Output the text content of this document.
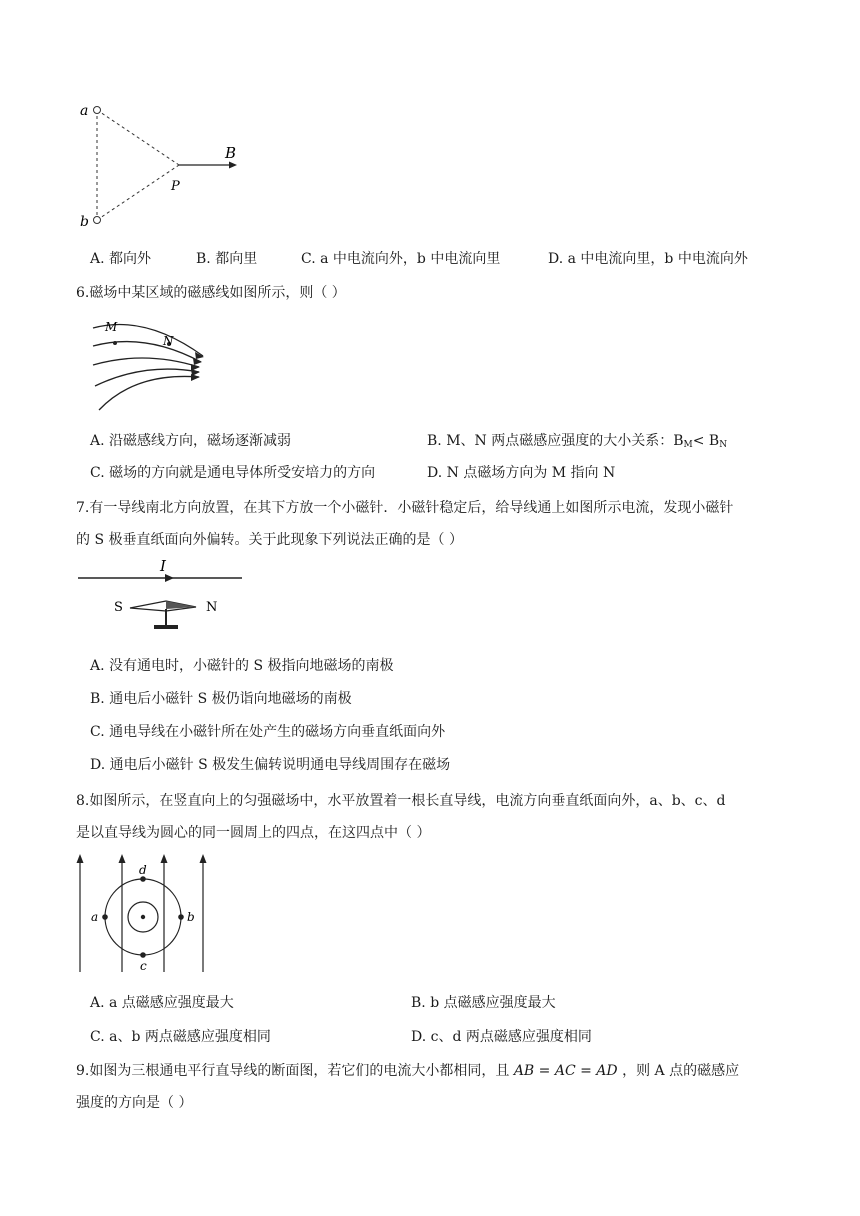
a
b
P
B
A. 都向外	B. 都向里	C. a 中电流向外，b 中电流向里	D. a 中电流向里，b 中电流向外
6.磁场中某区域的磁感线如图所示，则（ ）
M
N
A. 沿磁感线方向，磁场逐渐减弱	B. M、N 两点磁感应强度的大小关系：$B_M< B_N$
C. 磁场的方向就是通电导体所受安培力的方向	D. N 点磁场方向为 M 指向 N
7.有一导线南北方向放置，在其下方放一个小磁针．小磁针稳定后，给导线通上如图所示电流，发现小磁针
的 S 极垂直纸面向外偏转。关于此现象下列说法正确的是（ ）
I
S	N
A. 没有通电时，小磁针的 S 极指向地磁场的南极
B. 通电后小磁针 S 极仍诣向地磁场的南极
C. 通电导线在小磁针所在处产生的磁场方向垂直纸面向外
D. 通电后小磁针 S 极发生偏转说明通电导线周围存在磁场
8.如图所示，在竖直向上的匀强磁场中，水平放置着一根长直导线，电流方向垂直纸面向外，a、b、c、d
是以直导线为圆心的同一圆周上的四点，在这四点中（ ）
a	b
c
d
A. a 点磁感应强度最大	B. b 点磁感应强度最大
C. a、b 两点磁感应强度相同	D. c、d 两点磁感应强度相同
9.如图为三根通电平行直导线的断面图，若它们的电流大小都相同，且 AB = AC = AD ，则 A 点的磁感应
强度的方向是（ ）
